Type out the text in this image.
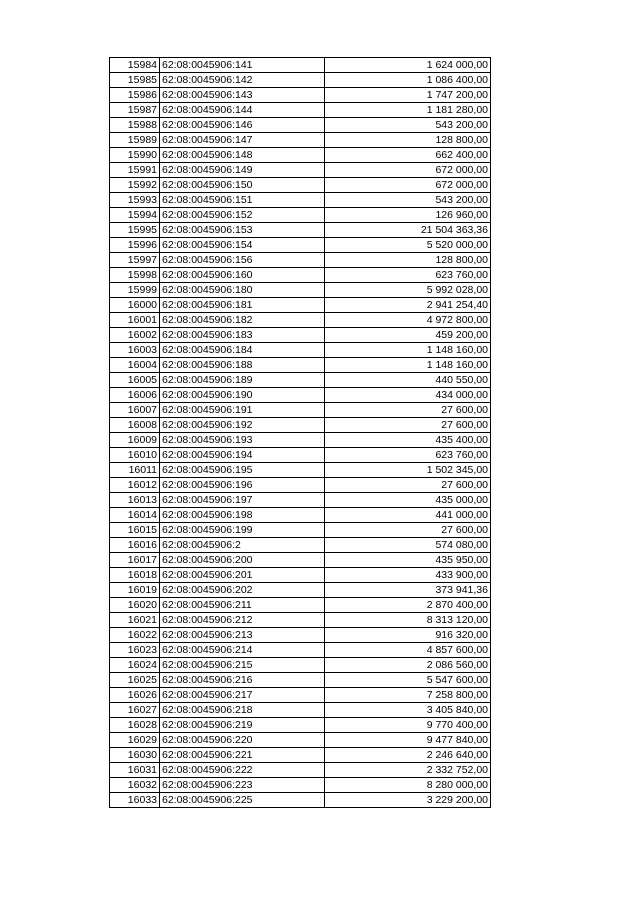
15984	62:08:0045906:141	1 624 000,00
15985	62:08:0045906:142	1 086 400,00
15986	62:08:0045906:143	1 747 200,00
15987	62:08:0045906:144	1 181 280,00
15988	62:08:0045906:146	543 200,00
15989	62:08:0045906:147	128 800,00
15990	62:08:0045906:148	662 400,00
15991	62:08:0045906:149	672 000,00
15992	62:08:0045906:150	672 000,00
15993	62:08:0045906:151	543 200,00
15994	62:08:0045906:152	126 960,00
15995	62:08:0045906:153	21 504 363,36
15996	62:08:0045906:154	5 520 000,00
15997	62:08:0045906:156	128 800,00
15998	62:08:0045906:160	623 760,00
15999	62:08:0045906:180	5 992 028,00
16000	62:08:0045906:181	2 941 254,40
16001	62:08:0045906:182	4 972 800,00
16002	62:08:0045906:183	459 200,00
16003	62:08:0045906:184	1 148 160,00
16004	62:08:0045906:188	1 148 160,00
16005	62:08:0045906:189	440 550,00
16006	62:08:0045906:190	434 000,00
16007	62:08:0045906:191	27 600,00
16008	62:08:0045906:192	27 600,00
16009	62:08:0045906:193	435 400,00
16010	62:08:0045906:194	623 760,00
16011	62:08:0045906:195	1 502 345,00
16012	62:08:0045906:196	27 600,00
16013	62:08:0045906:197	435 000,00
16014	62:08:0045906:198	441 000,00
16015	62:08:0045906:199	27 600,00
16016	62:08:0045906:2	574 080,00
16017	62:08:0045906:200	435 950,00
16018	62:08:0045906:201	433 900,00
16019	62:08:0045906:202	373 941,36
16020	62:08:0045906:211	2 870 400,00
16021	62:08:0045906:212	8 313 120,00
16022	62:08:0045906:213	916 320,00
16023	62:08:0045906:214	4 857 600,00
16024	62:08:0045906:215	2 086 560,00
16025	62:08:0045906:216	5 547 600,00
16026	62:08:0045906:217	7 258 800,00
16027	62:08:0045906:218	3 405 840,00
16028	62:08:0045906:219	9 770 400,00
16029	62:08:0045906:220	9 477 840,00
16030	62:08:0045906:221	2 246 640,00
16031	62:08:0045906:222	2 332 752,00
16032	62:08:0045906:223	8 280 000,00
16033	62:08:0045906:225	3 229 200,00
